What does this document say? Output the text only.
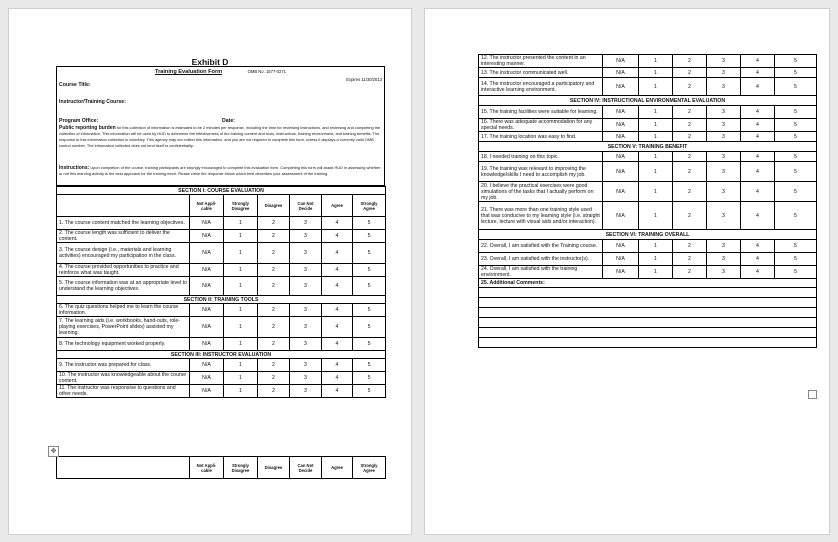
Exhibit D
Training Evaluation Form	OMB No. 1577-0271
Expires 11/30/2013
Course Title:
Instructor/Training Course:
Program Office:	Date:
Public reporting burden for this collection of information is estimated to be 2 minutes per response, including the time for reviewing instructions, and reviewing and completing the collection of information. This information will be used by HUD to determine the effectiveness of the training content and tools, instructions, training environment, and training benefits. The response to this information collection is voluntary. This agency may not collect this information, and you are not required to complete this form, unless it displays a currently valid OMB control number. The information collected does not lend itself to confidentiality.
Instructions: Upon completion of the course, training participants are strongly encouraged to complete this evaluation form. Completing this form will assist HUD in assessing whether or not this learning activity is the best approach for the training need. Please circle the response below which best describes your assessment of the training.
SECTION I: COURSE EVALUATION						
	Not Appli-cable	Strongly Disagree	Disagree	Can Not Decide	Agree	Strongly Agree
1. The course content matched the learning objectives.	N/A	1	2	3	4	5
2. The course length was sufficient to deliver the content.	N/A	1	2	3	4	5
3. The course design (i.e., materials and learning activities) encouraged my participation in the class.	N/A	1	2	3	4	5
4. The course provided opportunities to practice and reinforce what was taught.	N/A	1	2	3	4	5
5. The course information was at an appropriate level to understand the learning objectives.	N/A	1	2	3	4	5
SECTION II: TRAINING TOOLS						
6. The quiz questions helped me to learn the course information.	N/A	1	2	3	4	5
7. The learning aids (i.e. workbooks, hand-outs, role-playing exercises, PowerPoint slides) assisted my learning.	N/A	1	2	3	4	5
8. The technology equipment worked properly.	N/A	1	2	3	4	5
SECTION III: INSTRUCTOR EVALUATION						
9. The instructor was prepared for class.	N/A	1	2	3	4	5
10. The instructor was knowledgeable about the course content.	N/A	1	2	3	4	5
11. The instructor was responsive to questions and other needs.	N/A	1	2	3	4	5
	Not Appli-cable	Strongly Disagree	Disagree	Can Not Decide	Agree	Strongly Agree
✥
12. The instructor presented the content in an interesting manner.	N/A	1	2	3	4	5
13. The instructor communicated well.	N/A	1	2	3	4	5
14. The instructor encouraged a participatory and interactive learning environment.	N/A	1	2	3	4	5
SECTION IV: INSTRUCTIONAL ENVIRONMENTAL EVALUATION						
15. The training facilities were suitable for learning.	N/A	1	2	3	4	5
16. There was adequate accommodation for any special needs.	N/A	1	2	3	4	5
17. The training location was easy to find.	N/A	1	2	3	4	5
SECTION V: TRAINING BENEFIT						
18. I needed training on this topic.	N/A	1	2	3	4	5
19. The training was relevant to improving the knowledge/skills I need to accomplish my job.	N/A	1	2	3	4	5
20. I believe the practical exercises were good simulations of the tasks that I actually perform on my job.	N/A	1	2	3	4	5
21. There was more than one training style used that was conducive to my learning style (i.e. straight lecture, lecture with visual aids and/or interaction).	N/A	1	2	3	4	5
SECTION VI: TRAINING OVERALL						
22. Overall, I am satisfied with the Training course.	N/A	1	2	3	4	5
23. Overall, I am satisfied with the instructor(s).	N/A	1	2	3	4	5
24. Overall, I am satisfied with the training environment.	N/A	1	2	3	4	5
25. Additional Comments:						
